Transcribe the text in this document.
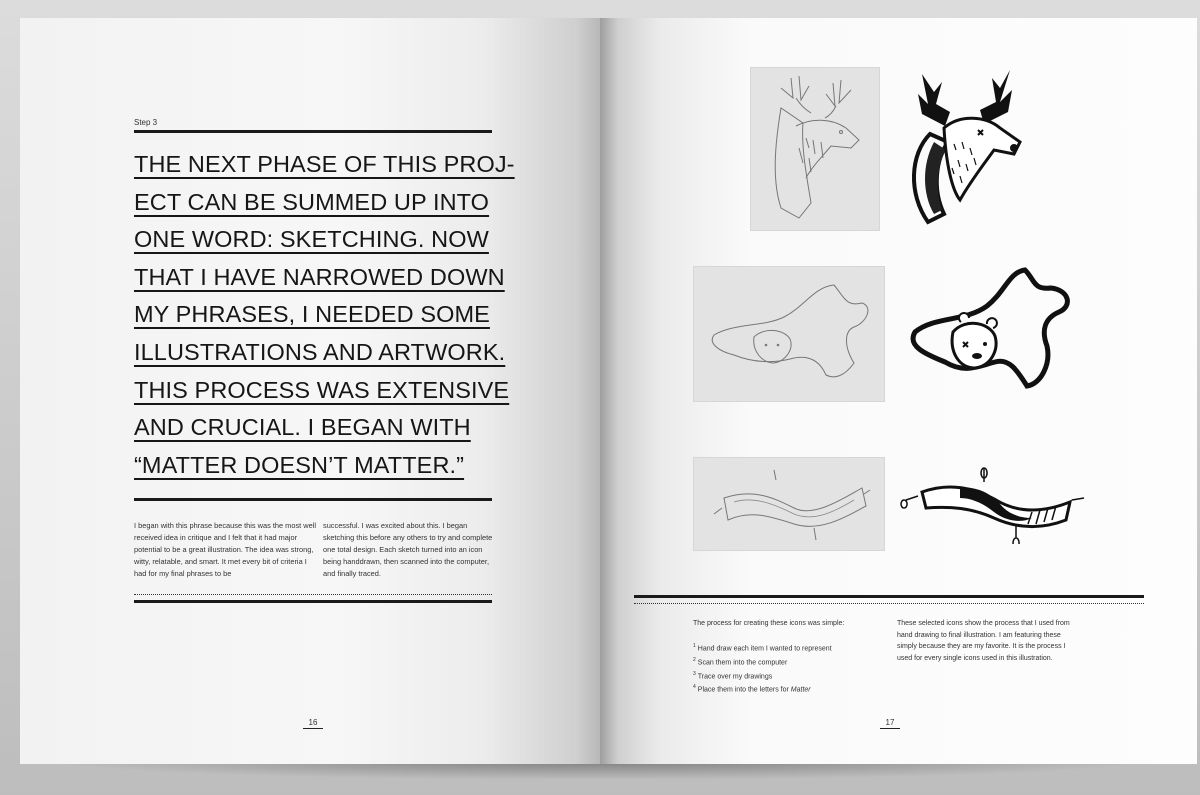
Step 3
THE NEXT PHASE OF THIS PROJ-
ECT CAN BE SUMMED UP INTO
ONE WORD: SKETCHING. NOW
THAT I HAVE NARROWED DOWN
MY PHRASES, I NEEDED SOME
ILLUSTRATIONS AND ARTWORK.
THIS PROCESS WAS EXTENSIVE
AND CRUCIAL. I BEGAN WITH
“MATTER DOESN’T MATTER.”

I began with this phrase because this was the most well received idea in critique and I felt that it had major potential to be a great illustration. The idea was strong, witty, relatable, and smart. It met every bit of criteria I had for my final phrases to be

successful. I was excited about this. I began sketching this before any others to try and complete one total design. Each sketch turned into an icon being handdrawn, then scanned into the computer, and finally traced.

16

The process for creating these icons was simple:

$^1$ Hand draw each item I wanted to represent
$^2$ Scan them into the computer
$^3$ Trace over my drawings
$^4$ Place them into the letters for Matter

These selected icons show the process that I used from hand drawing to final illustration. I am featuring these simply because they are my favorite. It is the process I used for every single icons used in this illustration.

17
